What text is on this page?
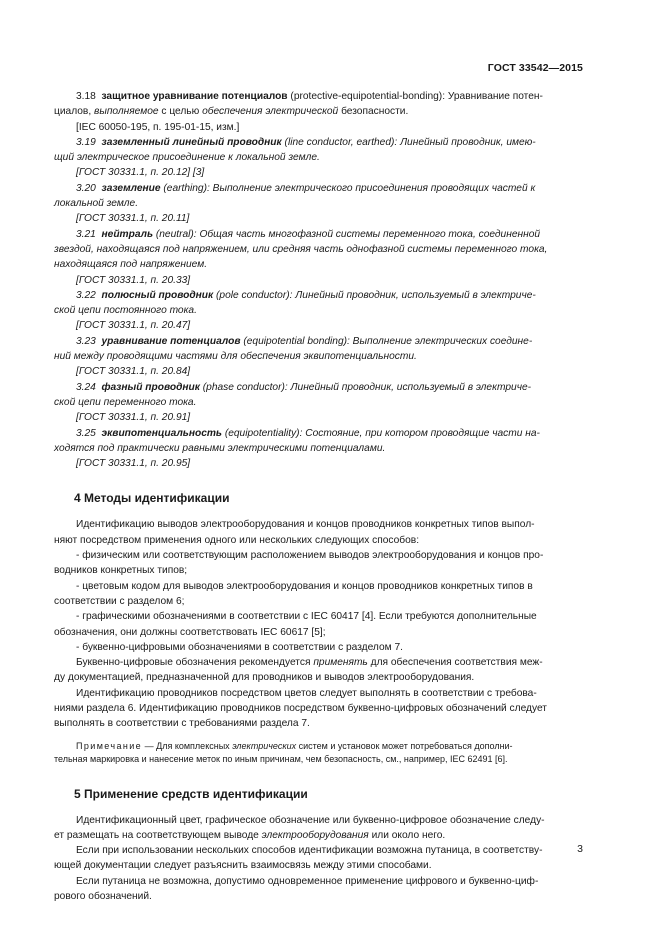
ГОСТ 33542—2015

3.18 защитное уравнивание потенциалов (protective-equipotential-bonding): Уравнивание потен-

циалов, выполняемое с целью обеспечения электрической безопасности.

[IEC 60050-195, п. 195-01-15, изм.]

3.19 заземленный линейный проводник (line conductor, earthed): Линейный проводник, имею-

щий электрическое присоединение к локальной земле.

[ГОСТ 30331.1, п. 20.12] [3]

3.20 заземление (earthing): Выполнение электрического присоединения проводящих частей к

локальной земле.

[ГОСТ 30331.1, п. 20.11]

3.21 нейтраль (neutral): Общая часть многофазной системы переменного тока, соединенной

звездой, находящаяся под напряжением, или средняя часть однофазной системы переменного тока,

находящаяся под напряжением.

[ГОСТ 30331.1, п. 20.33]

3.22 полюсный проводник (pole conductor): Линейный проводник, используемый в электриче-

ской цепи постоянного тока.

[ГОСТ 30331.1, п. 20.47]

3.23 уравнивание потенциалов (equipotential bonding): Выполнение электрических соедине-

ний между проводящими частями для обеспечения эквипотенциальности.

[ГОСТ 30331.1, п. 20.84]

3.24 фазный проводник (phase conductor): Линейный проводник, используемый в электриче-

ской цепи переменного тока.

[ГОСТ 30331.1, п. 20.91]

3.25 эквипотенциальность (equipotentiality): Состояние, при котором проводящие части на-

ходятся под практически равными электрическими потенциалами.

[ГОСТ 30331.1, п. 20.95]

4 Методы идентификации

Идентификацию выводов электрооборудования и концов проводников конкретных типов выпол-

няют посредством применения одного или нескольких следующих способов:

- физическим или соответствующим расположением выводов электрооборудования и концов про-

водников конкретных типов;

- цветовым кодом для выводов электрооборудования и концов проводников конкретных типов в

соответствии с разделом 6;

- графическими обозначениями в соответствии с IEC 60417 [4]. Если требуются дополнительные

обозначения, они должны соответствовать IEC 60617 [5];

- буквенно-цифровыми обозначениями в соответствии с разделом 7.

Буквенно-цифровые обозначения рекомендуется применять для обеспечения соответствия меж-

ду документацией, предназначенной для проводников и выводов электрооборудования.

Идентификацию проводников посредством цветов следует выполнять в соответствии с требова-

ниями раздела 6. Идентификацию проводников посредством буквенно-цифровых обозначений следует

выполнять в соответствии с требованиями раздела 7.

Примечание — Для комплексных электрических систем и установок может потребоваться дополни-
тельная маркировка и нанесение меток по иным причинам, чем безопасность, см., например, IEC 62491 [6].
5 Применение средств идентификации

Идентификационный цвет, графическое обозначение или буквенно-цифровое обозначение следу-

ет размещать на соответствующем выводе электрооборудования или около него.

Если при использовании нескольких способов идентификации возможна путаница, в соответству-

ющей документации следует разъяснить взаимосвязь между этими способами.

Если путаница не возможна, допустимо одновременное применение цифрового и буквенно-циф-

рового обозначений.

3
